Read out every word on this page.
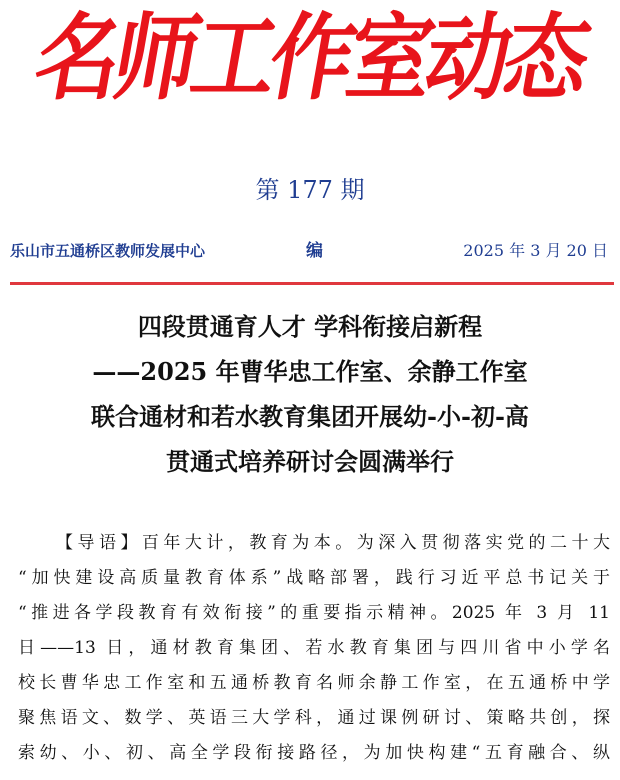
名师工作室动态
第 177 期
乐山市五通桥区教师发展中心	编	2025 年 3 月 20 日
四段贯通育人才 学科衔接启新程
——2025 年曹华忠工作室、余静工作室
联合通材和若水教育集团开展幼-小-初-高
贯通式培养研讨会圆满举行
【导语】百年大计，教育为本。为深入贯彻落实党的二十大
“加快建设高质量教育体系”战略部署，践行习近平总书记关于
“推进各学段教育有效衔接”的重要指示精神。2025 年 3 月 11
日——13 日，通材教育集团、若水教育集团与四川省中小学名
校长曹华忠工作室和五通桥教育名师余静工作室，在五通桥中学
聚焦语文、数学、英语三大学科，通过课例研讨、策略共创，探
索幼、小、初、高全学段衔接路径，为加快构建“五育融合、纵
